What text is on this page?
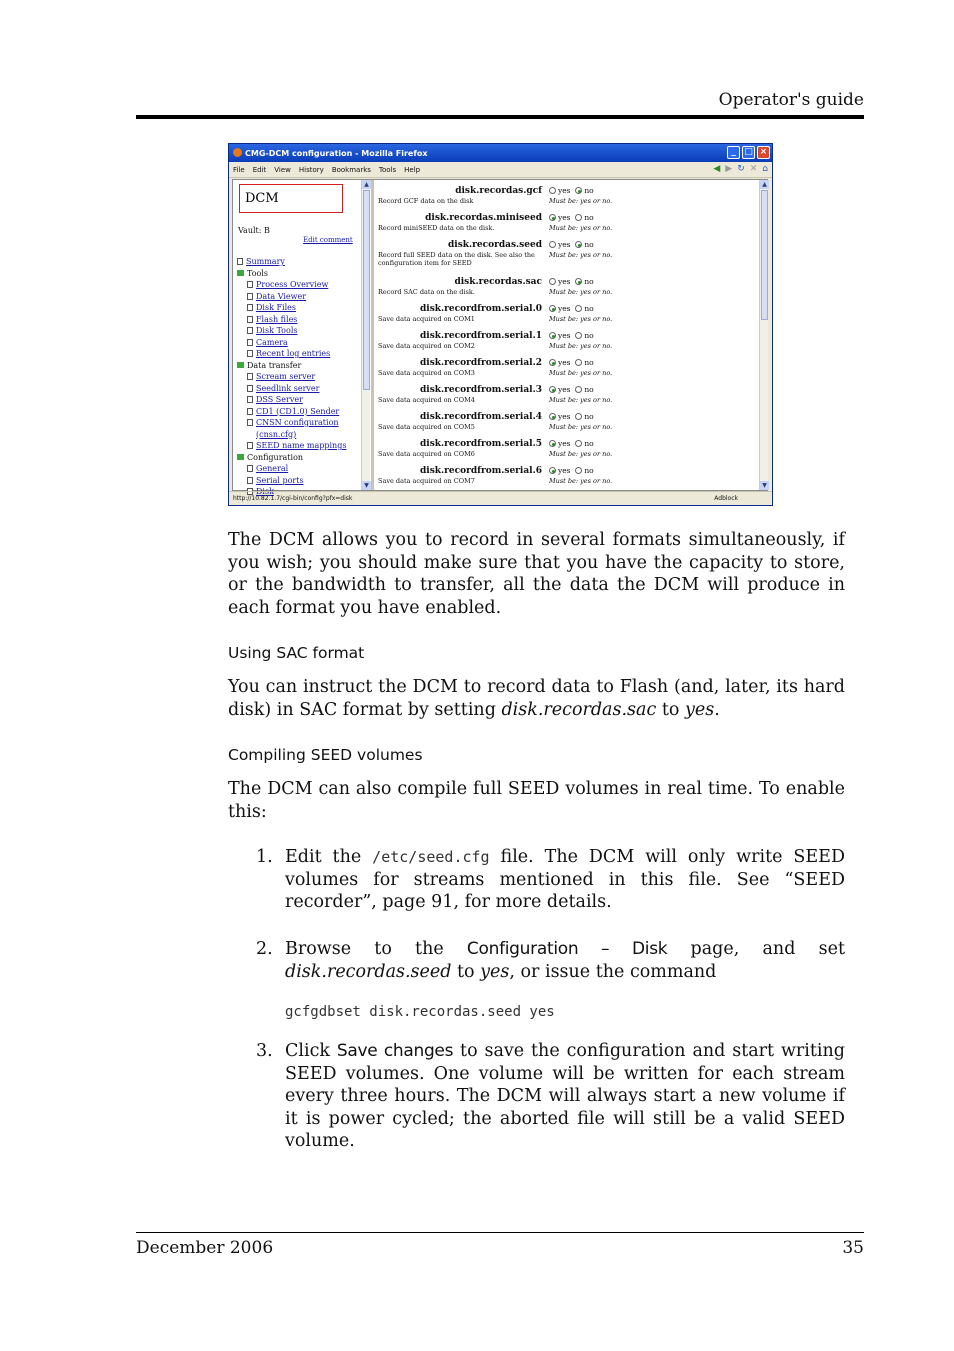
Operator's guide
CMG-DCM configuration - Mozilla Firefox	_ □ ×
File Edit View History Bookmarks Tools Help	◀ ▶ ↻ ✕ ⌂
DCM
Vault: B
Edit comment
Summary
Tools
Process Overview
Data Viewer
Disk Files
Flash files
Disk Tools
Camera
Recent log entries
Data transfer
Scream server
Seedlink server
DSS Server
CD1 (CD1.0) Sender
CNSN configuration
(cnsn.cfg)
SEED name mappings
Configuration
General
Serial ports
Disk
▲
▼
disk.recordas.gcf
Record GCF data on the disk
yes no
Must be: yes or no.
disk.recordas.miniseed
Record miniSEED data on the disk.
yes no
Must be: yes or no.
disk.recordas.seed
Record full SEED data on the disk. See also the configuration item for SEED
yes no
Must be: yes or no.
disk.recordas.sac
Record SAC data on the disk.
yes no
Must be: yes or no.
disk.recordfrom.serial.0
Save data acquired on COM1
yes no
Must be: yes or no.
disk.recordfrom.serial.1
Save data acquired on COM2
yes no
Must be: yes or no.
disk.recordfrom.serial.2
Save data acquired on COM3
yes no
Must be: yes or no.
disk.recordfrom.serial.3
Save data acquired on COM4
yes no
Must be: yes or no.
disk.recordfrom.serial.4
Save data acquired on COM5
yes no
Must be: yes or no.
disk.recordfrom.serial.5
Save data acquired on COM6
yes no
Must be: yes or no.
disk.recordfrom.serial.6
Save data acquired on COM7
yes no
Must be: yes or no.
▲
▼
http://10.82.1.7/cgi-bin/config?pfx=disk	Adblock
The DCM allows you to record in several formats simultaneously, if you wish; you should make sure that you have the capacity to store, or the bandwidth to transfer, all the data the DCM will produce in each format you have enabled.
Using SAC format
You can instruct the DCM to record data to Flash (and, later, its hard disk) in SAC format by setting disk.recordas.sac to yes.
Compiling SEED volumes
The DCM can also compile full SEED volumes in real time. To enable this:
1. Edit the /etc/seed.cfg file. The DCM will only write SEED volumes for streams mentioned in this file. See “SEED recorder”, page 91, for more details.
2. Browse to the Configuration – Disk page, and set disk.recordas.seed to yes, or issue the command
gcfgdbset disk.recordas.seed yes
3. Click Save changes to save the configuration and start writing SEED volumes. One volume will be written for each stream every three hours. The DCM will always start a new volume if it is power cycled; the aborted file will still be a valid SEED volume.
December 2006	35
